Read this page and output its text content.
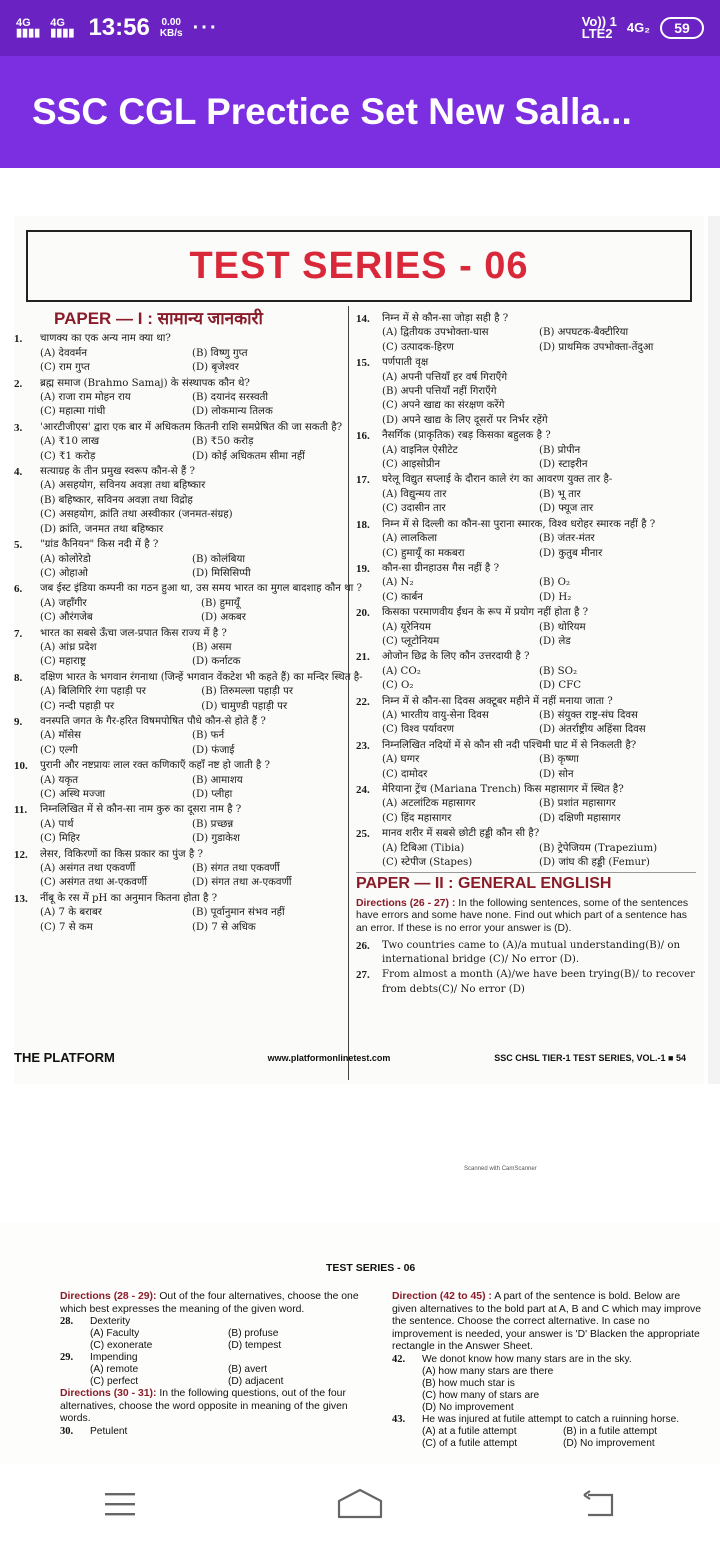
4G
▮▮▮▮
4G
▮▮▮▮ 13:56 0.00
KB/s ···	Vo)) 1
LTE2	4G₂ 59
SSC CGL Prectice Set New Salla...
TEST SERIES - 06
PAPER — I : सामान्य जानकारी
1.	चाणक्य का एक अन्य नाम क्या था?
(A) देववर्मन	(B) विष्णु गुप्त
(C) राम गुप्त	(D) बृजेश्वर
2.	ब्रह्म समाज (Brahmo Samaj) के संस्थापक कौन थे?
(A) राजा राम मोहन राय	(B) दयानंद सरस्वती
(C) महात्मा गांधी	(D) लोकमान्य तिलक
3.	'आरटीजीएस' द्वारा एक बार में अधिकतम कितनी राशि समप्रेषित की जा सकती है?
(A) ₹10 लाख	(B) ₹50 करोड़
(C) ₹1 करोड़	(D) कोई अधिकतम सीमा नहीं
4.	सत्याग्रह के तीन प्रमुख स्वरूप कौन-से हैं ?
(A) असहयोग, सविनय अवज्ञा तथा बहिष्कार
(B) बहिष्कार, सविनय अवज्ञा तथा विद्रोह
(C) असहयोग, क्रांति तथा अस्वीकार (जनमत-संग्रह)
(D) क्रांति, जनमत तथा बहिष्कार
5.	"ग्रांड कैनियन" किस नदी में है ?
(A) कोलोरेडो	(B) कोलंबिया
(C) ओहाओ	(D) मिसिसिप्पी
6.	जब ईस्ट इंडिया कम्पनी का गठन हुआ था, उस समय भारत का मुगल बादशाह कौन था ?
(A) जहाँगीर	(B) हुमायूँ
(C) औरंगजेब	(D) अकबर
7.	भारत का सबसे ऊँचा जल-प्रपात किस राज्य में है ?
(A) आंध्र प्रदेश	(B) असम
(C) महाराष्ट्र	(D) कर्नाटक
8.	दक्षिण भारत के भगवान रंगनाथा (जिन्हें भगवान वेंकटेश भी कहते हैं) का मन्दिर स्थित है-
(A) बिलिगिरि रंगा पहाड़ी पर	(B) तिरुमल्ला पहाड़ी पर
(C) नन्दी पहाड़ी पर	(D) चामुण्डी पहाड़ी पर
9.	वनस्पति जगत के गैर-हरित विषमपोषित पौधे कौन-से होते हैं ?
(A) मॉसेस	(B) फर्न
(C) एल्गी	(D) फंजाई
10.	पुरानी और नष्टप्रायः लाल रक्त कणिकाएँ कहाँ नष्ट हो जाती है ?
(A) यकृत	(B) आमाशय
(C) अस्थि मज्जा	(D) प्लीहा
11.	निम्नलिखित में से कौन-सा नाम कुरु का दूसरा नाम है ?
(A) पार्थ	(B) प्रच्छन्न
(C) मिहिर	(D) गुडाकेश
12.	लेसर, विकिरणों का किस प्रकार का पुंज है ?
(A) असंगत तथा एकवर्णी	(B) संगत तथा एकवर्णी
(C) असंगत तथा अ-एकवर्णी	(D) संगत तथा अ-एकवर्णी
13.	नींबू के रस में pH का अनुमान कितना होता है ?
(A) 7 के बराबर	(B) पूर्वानुमान संभव नहीं
(C) 7 से कम	(D) 7 से अधिक
14.	निम्न में से कौन-सा जोड़ा सही है ?
(A) द्वितीयक उपभोक्ता-घास	(B) अपघटक-बैक्टीरिया
(C) उत्पादक-हिरण	(D) प्राथमिक उपभोक्ता-तेंदुआ
15.	पर्णपाती वृक्ष
(A) अपनी पत्तियाँ हर वर्ष गिराएँगे
(B) अपनी पत्तियाँ नहीं गिराएँगे
(C) अपने खाद्य का संरक्षण करेंगे
(D) अपने खाद्य के लिए दूसरों पर निर्भर रहेंगे
16.	नैसर्गिक (प्राकृतिक) रबड़ किसका बहुलक है ?
(A) वाइनिल ऐसीटेट	(B) प्रोपीन
(C) आइसोप्रीन	(D) स्टाइरीन
17.	घरेलू विद्युत सप्लाई के दौरान काले रंग का आवरण युक्त तार है-
(A) विद्युन्मय तार	(B) भू तार
(C) उदासीन तार	(D) फ्यूज तार
18.	निम्न में से दिल्ली का कौन-सा पुराना स्मारक, विश्व धरोहर स्मारक नहीं है ?
(A) लालकिला	(B) जंतर-मंतर
(C) हुमायूँ का मकबरा	(D) कुतुब मीनार
19.	कौन-सा ग्रीनहाउस गैस नहीं है ?
(A) N₂	(B) O₂
(C) कार्बन	(D) H₂
20.	किसका परमाणवीय ईंधन के रूप में प्रयोग नहीं होता है ?
(A) यूरेनियम	(B) थोरियम
(C) प्लूटोनियम	(D) लेड
21.	ओजोन छिद्र के लिए कौन उत्तरदायी है ?
(A) CO₂	(B) SO₂
(C) O₂	(D) CFC
22.	निम्न में से कौन-सा दिवस अक्टूबर महीने में नहीं मनाया जाता ?
(A) भारतीय वायु-सेना दिवस	(B) संयुक्त राष्ट्र-संघ दिवस
(C) विश्व पर्यावरण	(D) अंतर्राष्ट्रीय अहिंसा दिवस
23.	निम्नलिखित नदियों में से कौन सी नदी पश्चिमी घाट में से निकलती है?
(A) घग्गर	(B) कृष्णा
(C) दामोदर	(D) सोन
24.	मेरियाना ट्रेंच (Mariana Trench) किस महासागर में स्थित है?
(A) अटलांटिक महासागर	(B) प्रशांत महासागर
(C) हिंद महासागर	(D) दक्षिणी महासागर
25.	मानव शरीर में सबसे छोटी हड्डी कौन सी है?
(A) टिबिआ (Tibia)	(B) ट्रेपेजियम (Trapezium)
(C) स्टेपीज (Stapes)	(D) जांघ की हड्डी (Femur)
PAPER — II : GENERAL ENGLISH
Directions (26 - 27) : In the following sentences, some of the sentences have errors and some have none. Find out which part of a sentence has an error. If these is no error your answer is (D).
26.	Two countries came to (A)/a mutual understanding(B)/ on international bridge (C)/ No error (D).
27.	From almost a month (A)/we have been trying(B)/ to recover from debts(C)/ No error (D)
THE PLATFORM	www.platformonlinetest.com	SSC CHSL TIER-1 TEST SERIES, VOL.-1 ■ 54
Scanned with CamScanner
TEST SERIES - 06
Directions (28 - 29): Out of the four alternatives, choose the one which best expresses the meaning of the given word.
28.	Dexterity
(A) Faculty	(B) profuse
(C) exonerate	(D) tempest
29.	Impending
(A) remote	(B) avert
(C) perfect	(D) adjacent
Directions (30 - 31): In the following questions, out of the four alternatives, choose the word opposite in meaning of the given words.
30.	Petulent
Direction (42 to 45) : A part of the sentence is bold. Below are given alternatives to the bold part at A, B and C which may improve the sentence. Choose the correct alternative. In case no improvement is needed, your answer is 'D' Blacken the appropriate rectangle in the Answer Sheet.
42.	We donot know how many stars are in the sky.
(A) how many stars are there
(B) how much star is
(C) how many of stars are
(D) No improvement
43.	He was injured at futile attempt to catch a ruinning horse.
(A) at a futile attempt	(B) in a futile attempt
(C) of a futile attempt	(D) No improvement
